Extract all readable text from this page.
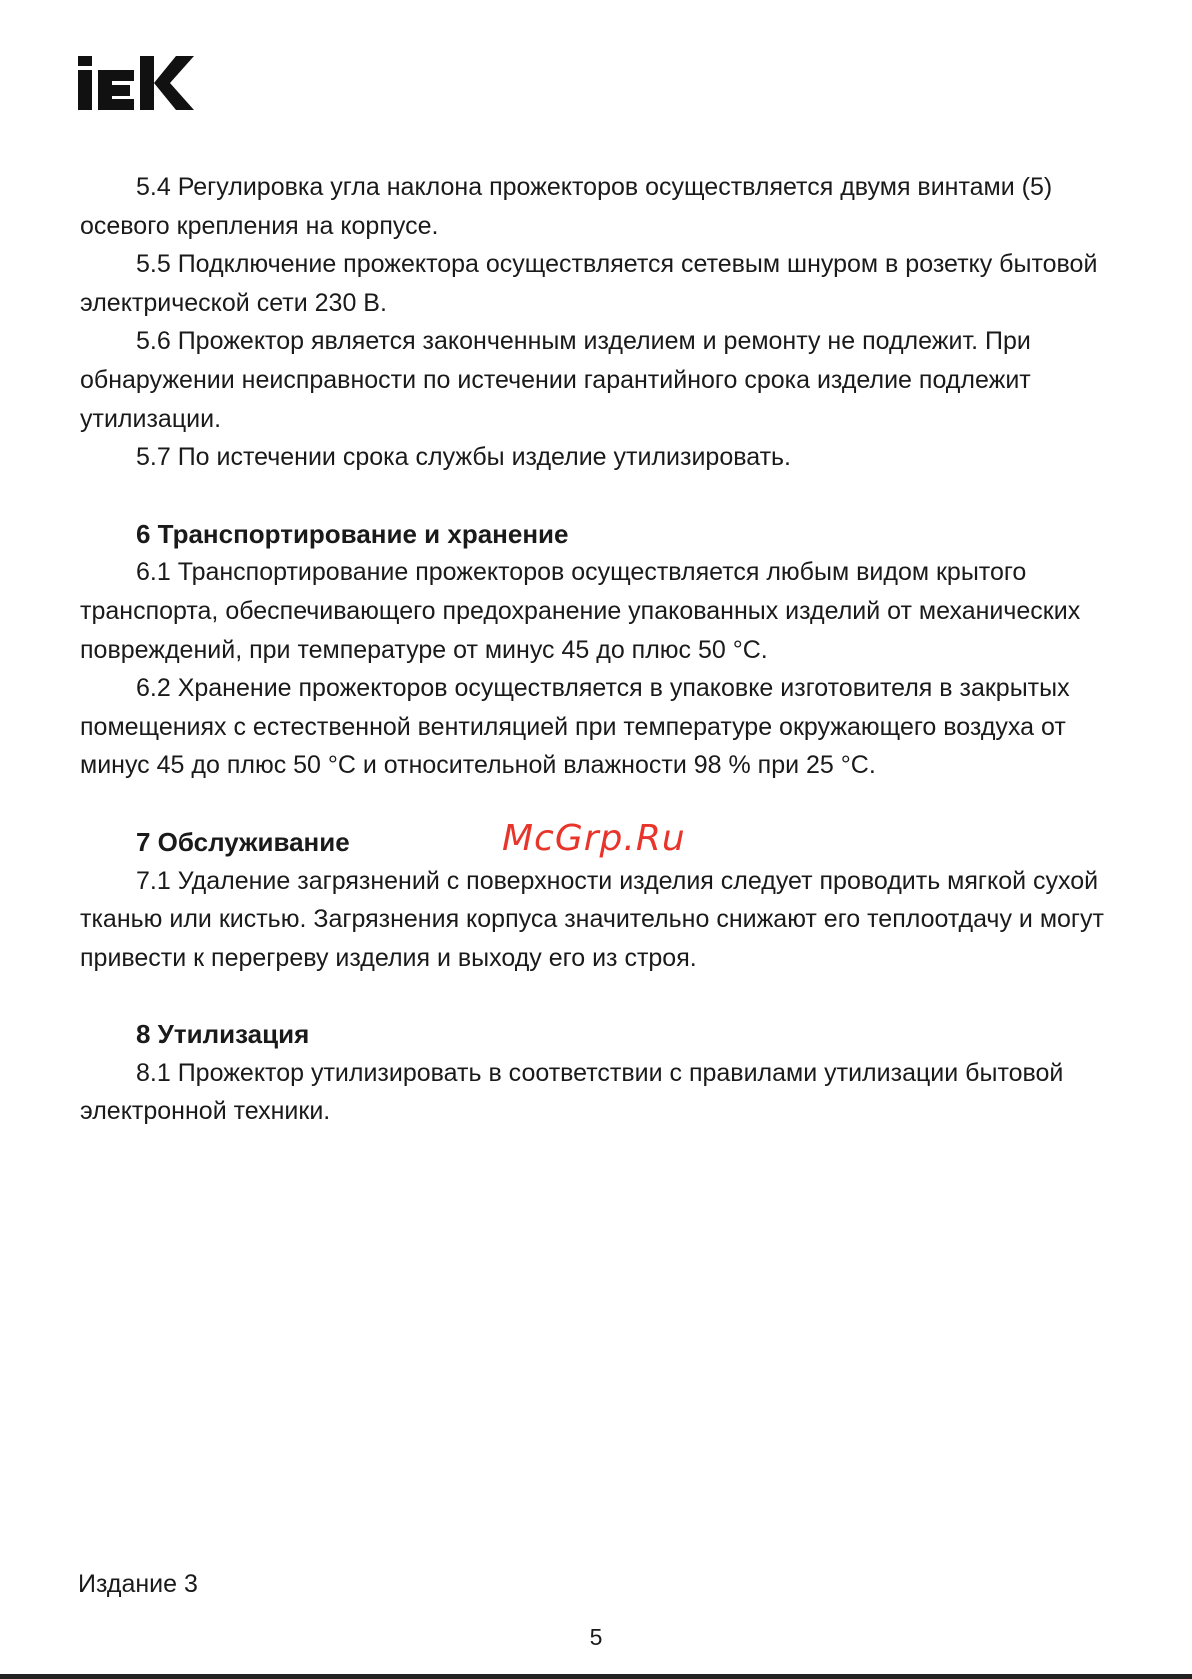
5.4 Регулировка угла наклона прожекторов осуществляется двумя винтами (5) осевого крепления на корпусе.

5.5 Подключение прожектора осуществляется сетевым шнуром в розетку бытовой электрической сети 230 В.

5.6 Прожектор является законченным изделием и ремонту не подлежит. При обнаружении неисправности по истечении гарантийного срока изделие подлежит утилизации.

5.7 По истечении срока службы изделие утилизировать.

6 Транспортирование и хранение

6.1 Транспортирование прожекторов осуществляется любым видом крытого транспорта, обеспечивающего предохранение упакованных изделий от механических повреждений, при температуре от минус 45 до плюс 50 °С.

6.2 Хранение прожекторов осуществляется в упаковке изготовителя в закрытых помещениях с естественной вентиляцией при температуре окружающего воздуха от минус 45 до плюс 50 °С и относительной влажности 98 % при 25 °С.

7 Обслуживание

7.1 Удаление загрязнений с поверхности изделия следует проводить мягкой сухой тканью или кистью. Загрязнения корпуса значительно снижают его теплоотдачу и могут привести к перегреву изделия и выходу его из строя.

8 Утилизация

8.1 Прожектор утилизировать в соответствии с правилами утилизации бытовой электронной техники.

McGrp.Ru
Издание 3
5
